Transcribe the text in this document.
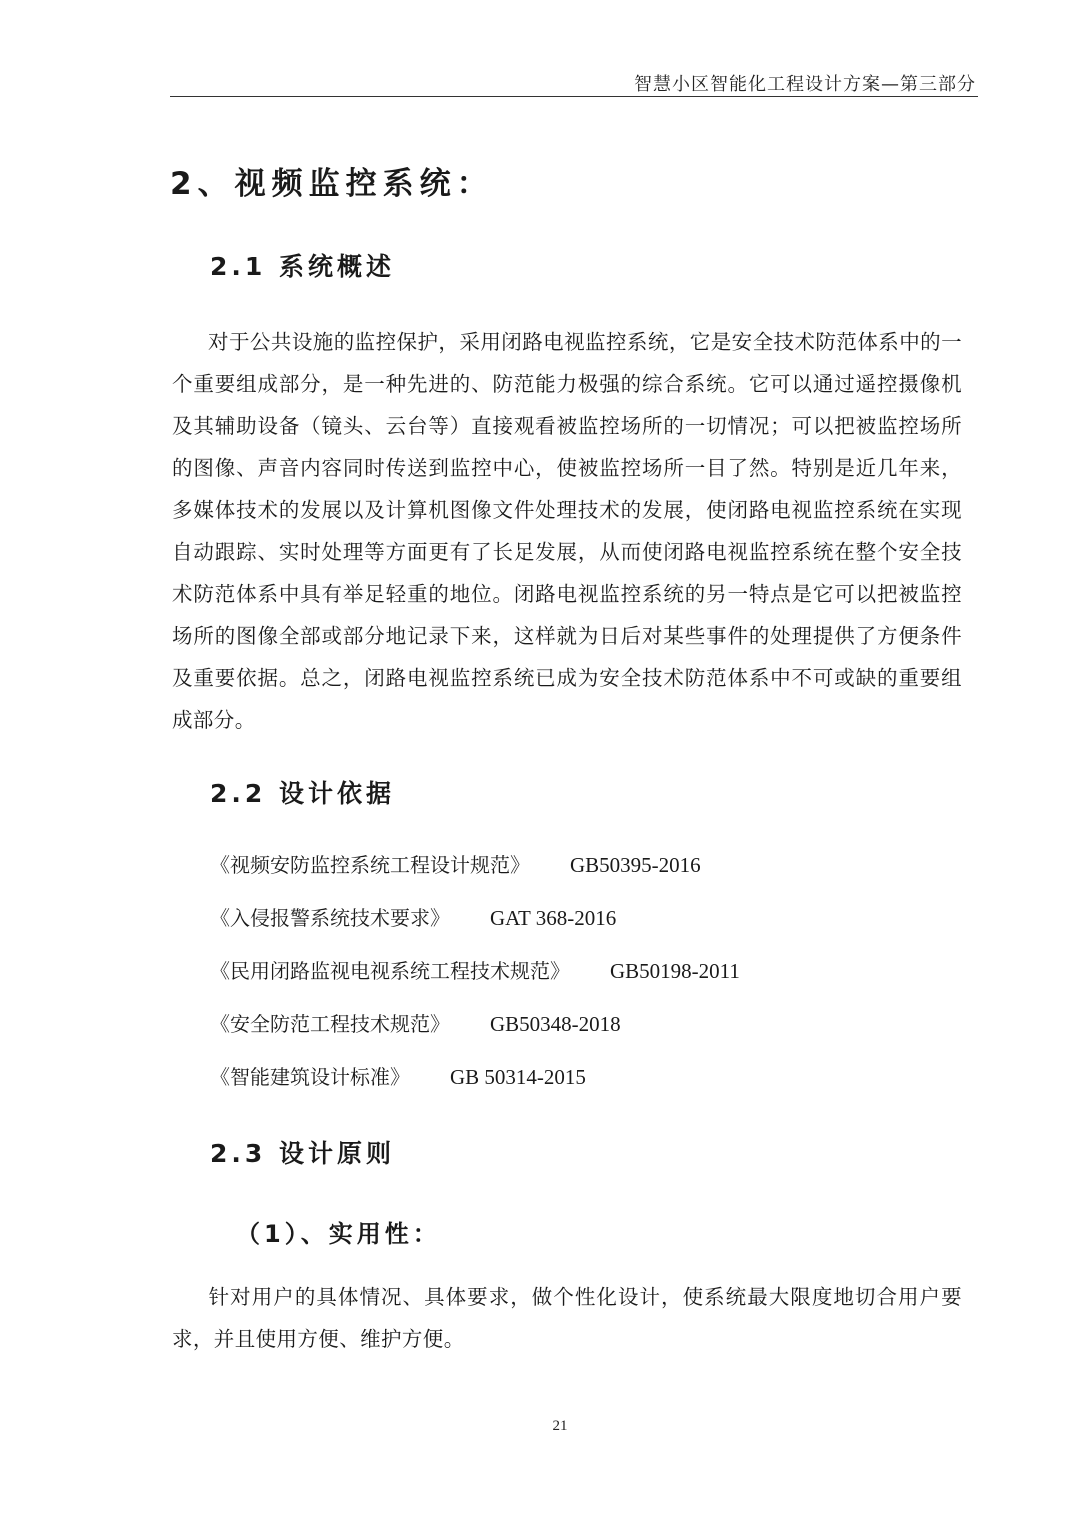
智慧小区智能化工程设计方案—第三部分
2、视频监控系统：
2.1 系统概述

对于公共设施的监控保护，采用闭路电视监控系统，它是安全技术防范体系中的一个重要组成部分，是一种先进的、防范能力极强的综合系统。它可以通过遥控摄像机及其辅助设备（镜头、云台等）直接观看被监控场所的一切情况；可以把被监控场所的图像、声音内容同时传送到监控中心，使被监控场所一目了然。特别是近几年来，多媒体技术的发展以及计算机图像文件处理技术的发展，使闭路电视监控系统在实现自动跟踪、实时处理等方面更有了长足发展，从而使闭路电视监控系统在整个安全技术防范体系中具有举足轻重的地位。闭路电视监控系统的另一特点是它可以把被监控场所的图像全部或部分地记录下来，这样就为日后对某些事件的处理提供了方便条件及重要依据。总之，闭路电视监控系统已成为安全技术防范体系中不可或缺的重要组成部分。

2.2 设计依据
《视频安防监控系统工程设计规范》 GB50395-2016
《入侵报警系统技术要求》 GAT 368-2016
《民用闭路监视电视系统工程技术规范》 GB50198-2011
《安全防范工程技术规范》 GB50348-2018
《智能建筑设计标准》 GB 50314-2015
2.3 设计原则
（1）、实用性：

针对用户的具体情况、具体要求，做个性化设计，使系统最大限度地切合用户要求，并且使用方便、维护方便。

21
